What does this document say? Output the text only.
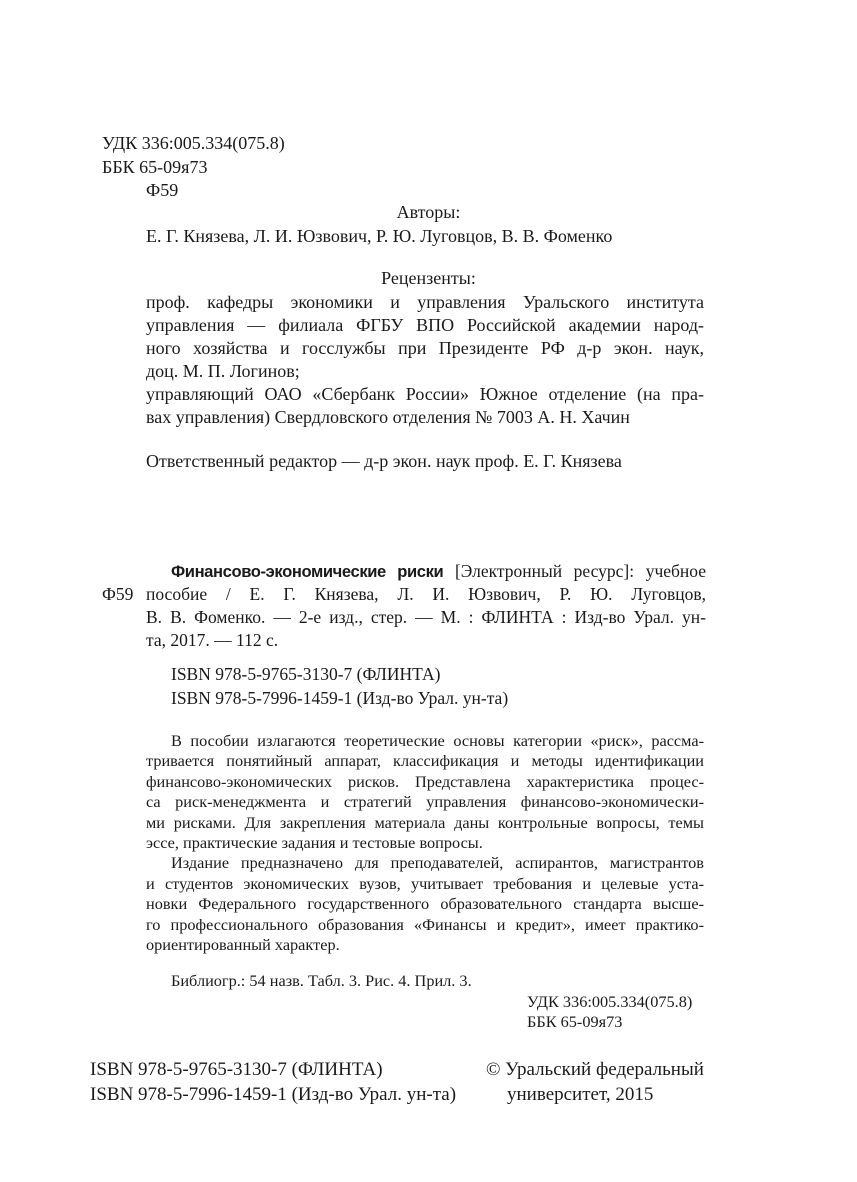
УДК 336:005.334(075.8)
ББК 65-09я73
Ф59
Авторы:
Е. Г. Князева, Л. И. Юзвович, Р. Ю. Луговцов, В. В. Фоменко
Рецензенты:
проф. кафедры экономики и управления Уральского института
управления — филиала ФГБУ ВПО Российской академии народ-
ного хозяйства и госслужбы при Президенте РФ д-р экон. наук,
доц. М. П. Логинов;
управляющий ОАО «Сбербанк России» Южное отделение (на пра-
вах управления) Свердловского отделения № 7003 А. Н. Хачин
Ответственный редактор — д-р экон. наук проф. Е. Г. Князева
Финансово-экономические риски [Электронный ресурс]: учебное
Ф59 пособие / Е. Г. Князева, Л. И. Юзвович, Р. Ю. Луговцов,
В. В. Фоменко. — 2-е изд., стер. — М. : ФЛИНТА : Изд-во Урал. ун-
та, 2017. — 112 с.
ISBN 978-5-9765-3130-7 (ФЛИНТА)
ISBN 978-5-7996-1459-1 (Изд-во Урал. ун-та)
В пособии излагаются теоретические основы категории «риск», рассма-
тривается понятийный аппарат, классификация и методы идентификации
финансово-экономических рисков. Представлена характеристика процес-
са риск-менеджмента и стратегий управления финансово-экономически-
ми рисками. Для закрепления материала даны контрольные вопросы, темы
эссе, практические задания и тестовые вопросы.
Издание предназначено для преподавателей, аспирантов, магистрантов
и студентов экономических вузов, учитывает требования и целевые уста-
новки Федерального государственного образовательного стандарта высше-
го профессионального образования «Финансы и кредит», имеет практико-
ориентированный характер.
Библиогр.: 54 назв. Табл. 3. Рис. 4. Прил. 3.
УДК 336:005.334(075.8)
ББК 65-09я73
ISBN 978-5-9765-3130-7 (ФЛИНТА)
ISBN 978-5-7996-1459-1 (Изд-во Урал. ун-та)
© Уральский федеральный
университет, 2015
